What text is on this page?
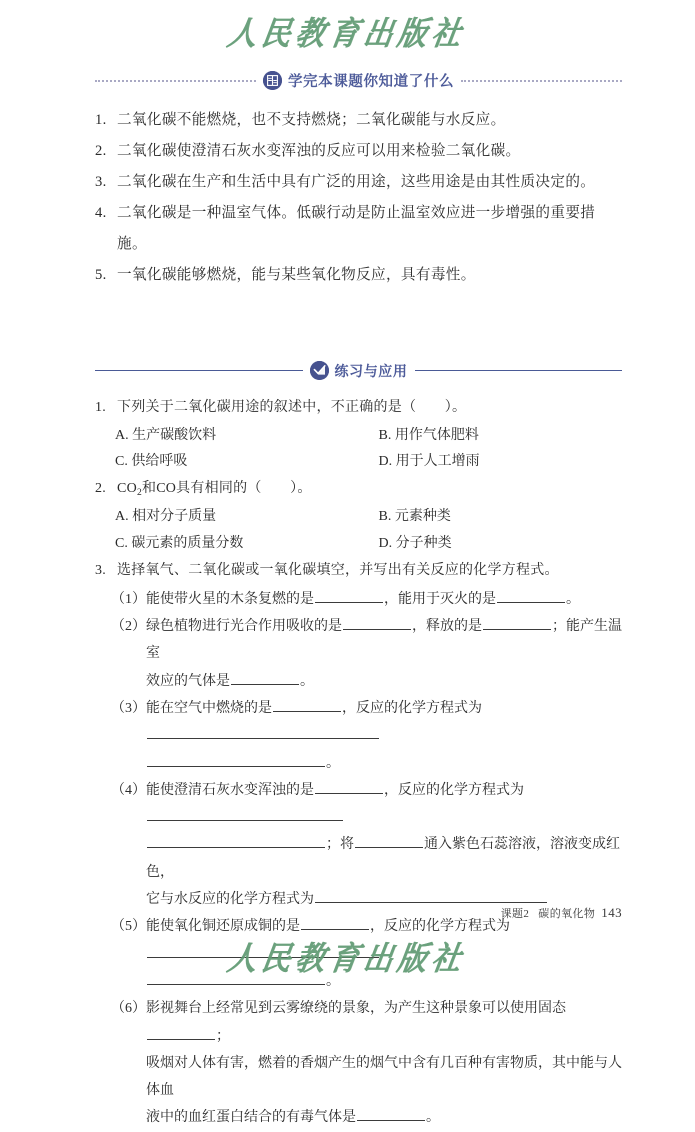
人民教育出版社
学完本课题你知道了什么
1. 二氧化碳不能燃烧，也不支持燃烧；二氧化碳能与水反应。
2. 二氧化碳使澄清石灰水变浑浊的反应可以用来检验二氧化碳。
3. 二氧化碳在生产和生活中具有广泛的用途，这些用途是由其性质决定的。
4. 二氧化碳是一种温室气体。低碳行动是防止温室效应进一步增强的重要措施。
5. 一氧化碳能够燃烧，能与某些氧化物反应，具有毒性。
练习与应用
1. 下列关于二氧化碳用途的叙述中，不正确的是（　　）。
A. 生产碳酸饮料	B. 用作气体肥料
C. 供给呼吸	D. 用于人工增雨
2. $CO_2$和CO具有相同的（　　）。
A. 相对分子质量	B. 元素种类
C. 碳元素的质量分数	D. 分子种类
3. 选择氧气、二氧化碳或一氧化碳填空，并写出有关反应的化学方程式。
（1） 能使带火星的木条复燃的是	，能用于灭火的是	。
（2） 绿色植物进行光合作用吸收的是	，释放的是	；能产生温室
效应的气体是	。
（3） 能在空气中燃烧的是	，反应的化学方程式为
。
（4） 能使澄清石灰水变浑浊的是	，反应的化学方程式为
；将	通入紫色石蕊溶液，溶液变成红色，
它与水反应的化学方程式为
（5） 能使氧化铜还原成铜的是	，反应的化学方程式为
。
（6） 影视舞台上经常见到云雾缭绕的景象，为产生这种景象可以使用固态；
吸烟对人体有害，燃着的香烟产生的烟气中含有几百种有害物质，其中能与人体血
液中的血红蛋白结合的有毒气体是	。
课题2 碳的氧化物 143
人民教育出版社
